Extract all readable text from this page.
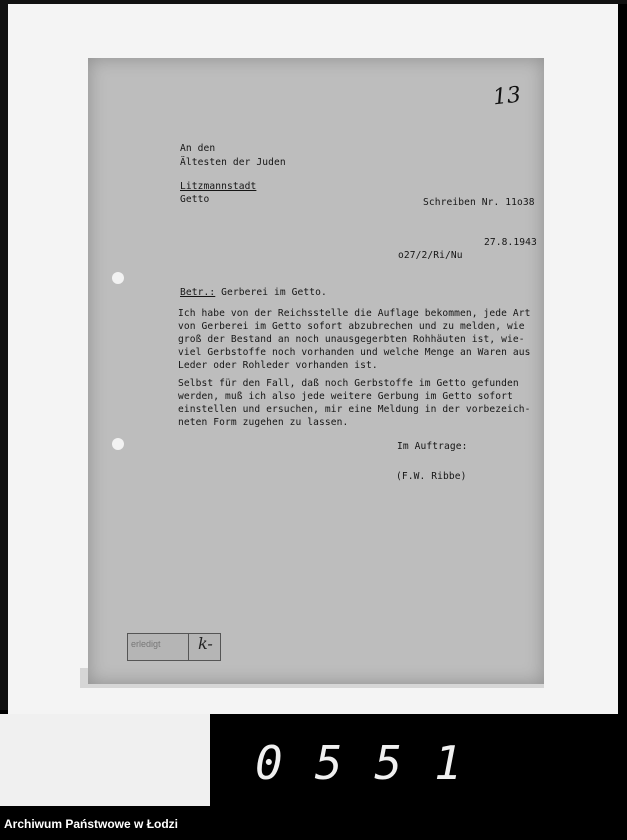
13
An den
Ältesten der Juden
Litzmannstadt
Getto	Schreiben Nr. 11o38
27.8.1943
o27/2/Ri/Nu
Betr.: Gerberei im Getto.
Ich habe von der Reichsstelle die Auflage bekommen, jede Art
von Gerberei im Getto sofort abzubrechen und zu melden, wie
groß der Bestand an noch unausgegerbten Rohhäuten ist, wie-
viel Gerbstoffe noch vorhanden und welche Menge an Waren aus
Leder oder Rohleder vorhanden ist.
Selbst für den Fall, daß noch Gerbstoffe im Getto gefunden
werden, muß ich also jede weitere Gerbung im Getto sofort
einstellen und ersuchen, mir eine Meldung in der vorbezeich-
neten Form zugehen zu lassen.
Im Auftrage:
(F.W. Ribbe)
erledigt k-
0551
Archiwum Państwowe w Łodzi
